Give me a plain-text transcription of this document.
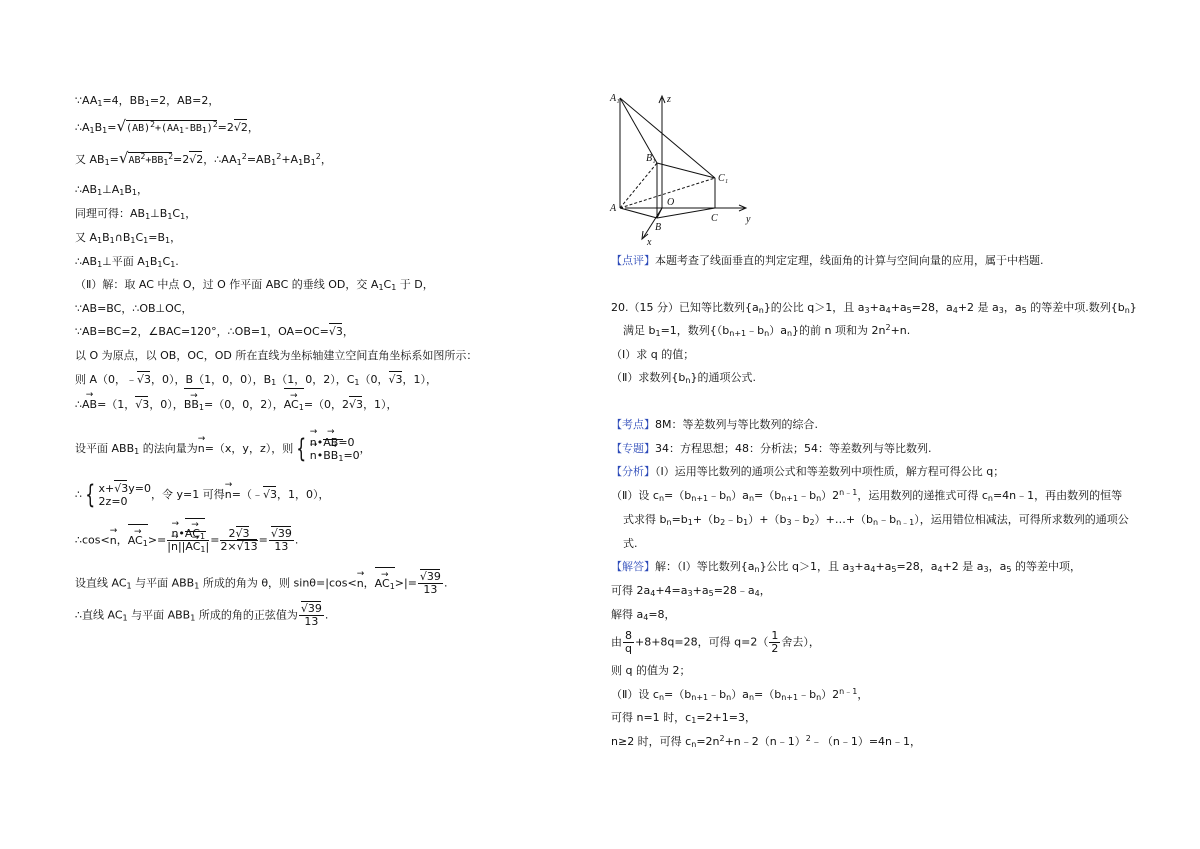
$\because AA_1=4$，$BB_1=2$，AB=2，
$\therefore A_1B_1=√(AB)^2+(AA_1-BB_1)^2=2√2$，
又 $AB_1=√AB^2+BB_1^2=2√2$，$\therefore AA_1^2=AB_1^2+A_1B_1^2$，
$\therefore AB_1\perp A_1B_1$，
同理可得：$AB_1\perp B_1C_1$，
又 $A_1B_1\cap B_1C_1=B_1$，
$\therefore AB_1\perp$平面 $A_1B_1C_1$.
（Ⅱ）解：取 AC 中点 O，过 O 作平面 ABC 的垂线 OD，交 $A_1C_1$ 于 D，
∵AB=BC，∴OB⊥OC，
∵AB=BC=2，∠BAC=120°，∴OB=1，OA=OC=√3，
以 O 为原点，以 OB，OC，OD 所在直线为坐标轴建立空间直角坐标系如图所示：
则 A（0，﹣√3，0），B（1，0，0），$B_1(1$，0，2），$C_1(0$，√3，1），
∴→ AB=（1，√3，0），→ $BB_1=(0$，0，2），→ $AC_1=(0$，2√3，1），
设平面 $ABB_1$ 的法向量为→ n=（x，y，z），则 {→ n•→ AB=0
→ n•→ $BB_1=0$，
∴ { x+√3y=0
2z=0，令 y=1 可得→ n=（﹣√3，1，0），
∴cos<→ n，→ $AC_1>=$
→ $\frac{n•\to AC_1}{|\to n||\to AC_1|} = \frac{2√3}{2\times√13} = \frac{√39}{13}$ .
设直线 $AC_1$ 与平面 $ABB_1$ 所成的角为 θ，则 sinθ=|cos<→ n，→ $AC_1>|= \frac{√39}{13}$ .
∴直线 $AC_1$ 与平面 $ABB_1$ 所成的角的正弦值为 $\frac{√39}{13}$ .
A₁	z
B₁
C₁
A
O
C	y
B
x
【点评】本题考查了线面垂直的判定定理，线面角的计算与空间向量的应用，属于中档题.
20.（15 分）已知等比数列$\{a_n\}$的公比 q＞1，且 $a_3+a_4+a_5=28$，$a_4+2$ 是 $a_3$，$a_5$ 的等差中项.数列$\{b_n\}$
满足 $b_1=1$，数列$\{(b_{n+1}﹣b_n)a_n\}$的前 n 项和为 $2n^2+n$.
（Ⅰ）求 q 的值；
（Ⅱ）求数列$\{b_n\}$的通项公式.
【考点】8M：等差数列与等比数列的综合.
【专题】34：方程思想；48：分析法；54：等差数列与等比数列.
【分析】（Ⅰ）运用等比数列的通项公式和等差数列中项性质，解方程可得公比 q；
（Ⅱ）设 $c_n=(b_{n+1}﹣b_n)a_n=(b_{n+1}﹣b_n)2^{n﹣1}$，运用数列的递推式可得 $c_n=4n﹣1$，再由数列的恒等
式求得 $b_n=b_1+(b_2﹣b_1)+(b_3﹣b_2)+\dots+(b_n﹣b_{n﹣1})$，运用错位相减法，可得所求数列的通项公
式.
【解答】解：（Ⅰ）等比数列$\{a_n\}$公比 q＞1，且 $a_3+a_4+a_5=28$，$a_4+2$ 是 $a_3$，$a_5$ 的等差中项，
可得 $2a_4+4=a_3+a_5=28﹣a_4$，
解得 $a_4=8$，
由 $\frac{8}{q} +8+8q=28$，可得 $q=2( \frac{1}{2}$ 舍去），
则 q 的值为 2；
（Ⅱ）设 $c_n=(b_{n+1}﹣b_n)a_n=(b_{n+1}﹣b_n)2^{n﹣1}$，
可得 n=1 时，$c_1=2+1=3$，
n≥2 时，可得 $c_n=2n^2+n﹣2(n﹣1)^2﹣(n﹣1)=4n﹣1$，
